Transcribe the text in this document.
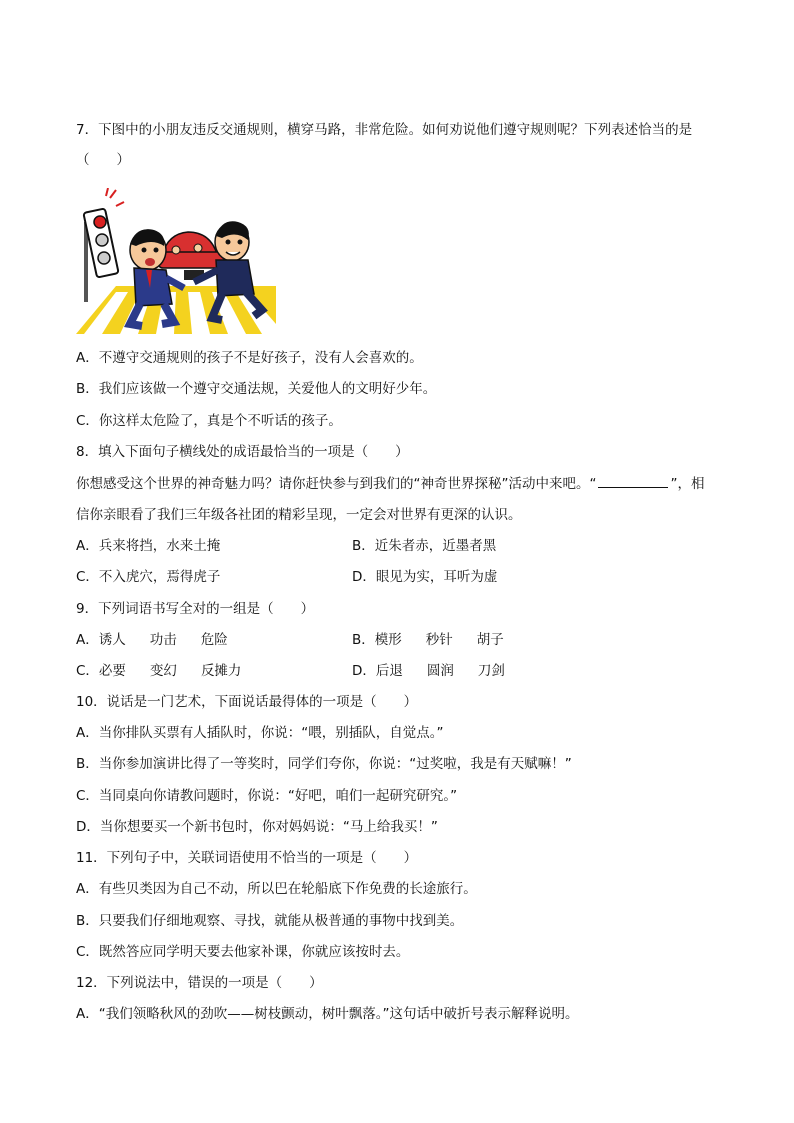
7．下图中的小朋友违反交通规则，横穿马路，非常危险。如何劝说他们遵守规则呢？下列表述恰当的是
（　　）
A．不遵守交通规则的孩子不是好孩子，没有人会喜欢的。
B．我们应该做一个遵守交通法规，关爱他人的文明好少年。
C．你这样太危险了，真是个不听话的孩子。
8．填入下面句子横线处的成语最恰当的一项是（　　）
你想感受这个世界的神奇魅力吗？请你赶快参与到我们的“神奇世界探秘”活动中来吧。“	”，相
信你亲眼看了我们三年级各社团的精彩呈现，一定会对世界有更深的认识。
A．兵来将挡，水来土掩	B．近朱者赤，近墨者黑
C．不入虎穴，焉得虎子	D．眼见为实，耳听为虚
9．下列词语书写全对的一组是（　　）
A．诱人 功击 危险	B．模形 秒针 胡子
C．必要 变幻 反摊力	D．后退 圆润 刀剑
10．说话是一门艺术，下面说话最得体的一项是（　　）
A．当你排队买票有人插队时，你说：“喂，别插队，自觉点。”
B．当你参加演讲比得了一等奖时，同学们夸你，你说：“过奖啦，我是有天赋嘛！”
C．当同桌向你请教问题时，你说：“好吧，咱们一起研究研究。”
D．当你想要买一个新书包时，你对妈妈说：“马上给我买！”
11．下列句子中，关联词语使用不恰当的一项是（　　）
A．有些贝类因为自己不动，所以巴在轮船底下作免费的长途旅行。
B．只要我们仔细地观察、寻找，就能从极普通的事物中找到美。
C．既然答应同学明天要去他家补课，你就应该按时去。
12．下列说法中，错误的一项是（　　）
A．“我们领略秋风的劲吹——树枝颤动，树叶飘落。”这句话中破折号表示解释说明。
